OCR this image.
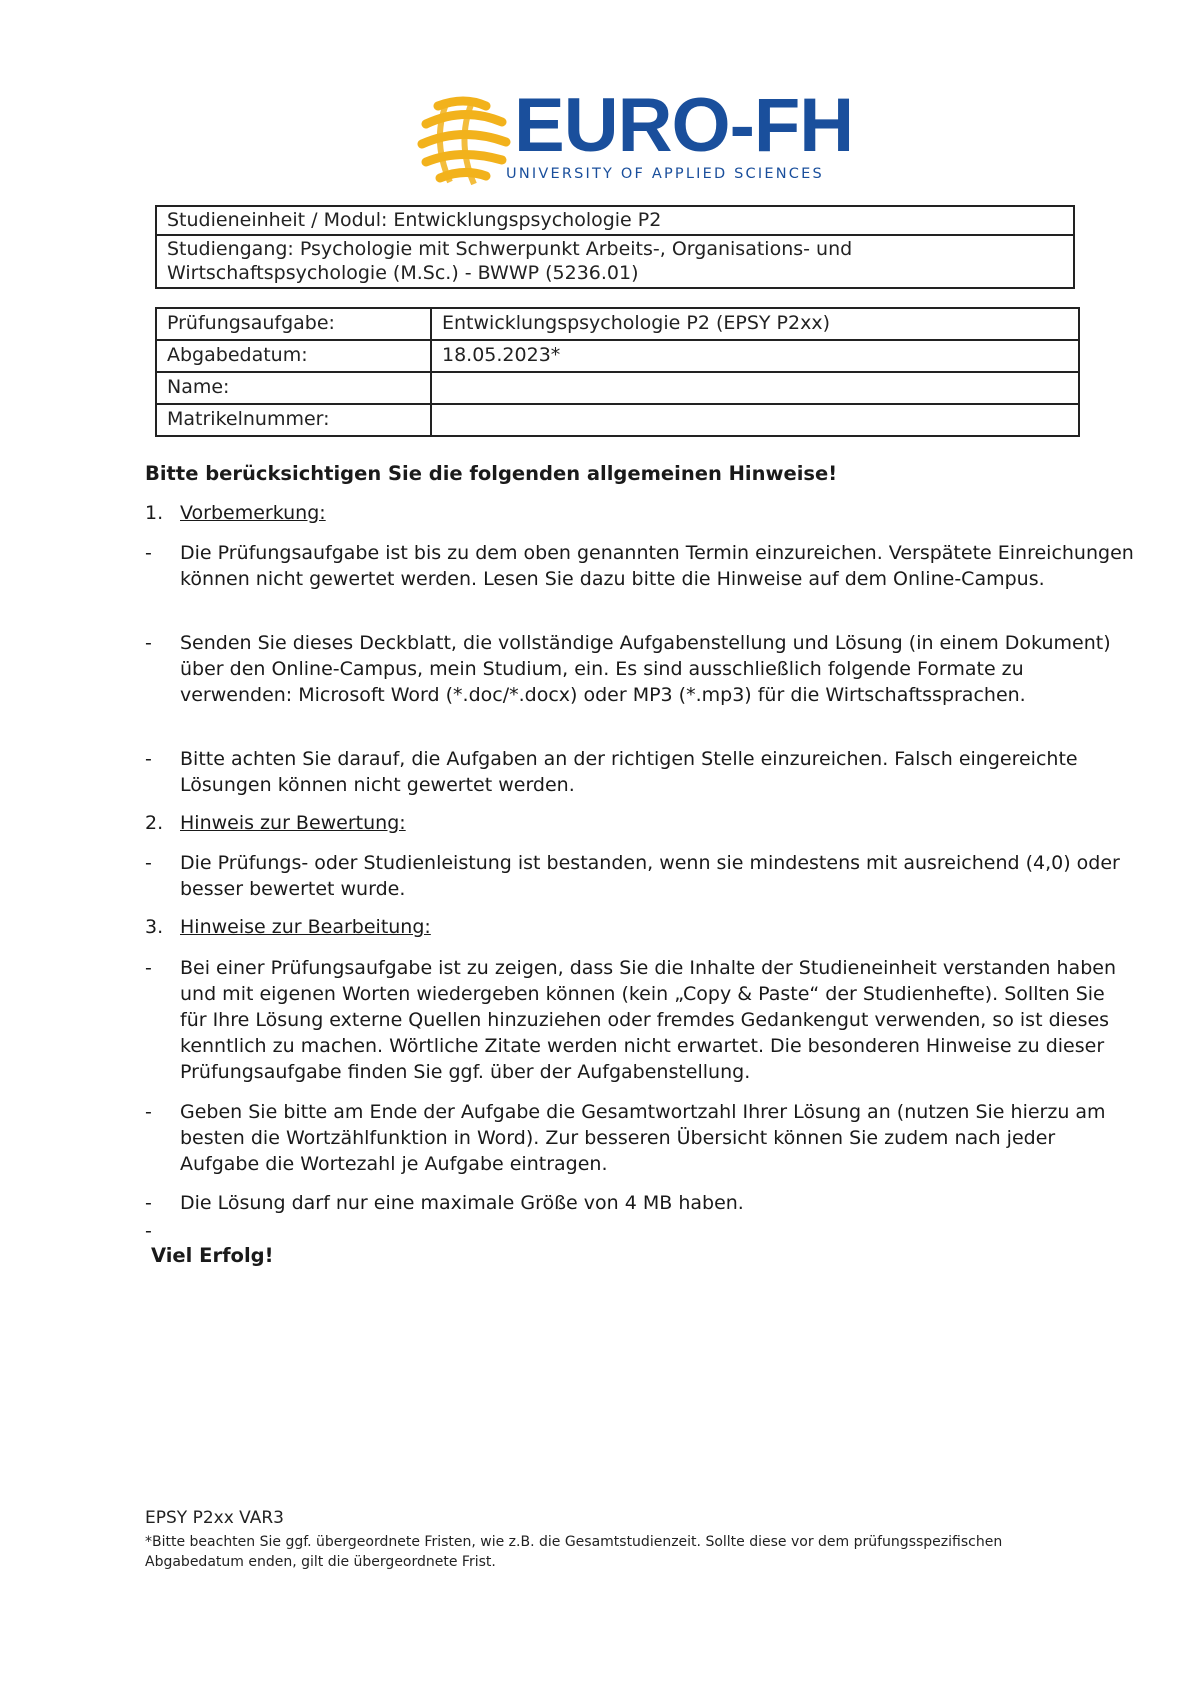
EURO-FH
UNIVERSITY OF APPLIED SCIENCES
Studieneinheit / Modul: Entwicklungspsychologie P2
Studiengang: Psychologie mit Schwerpunkt Arbeits-, Organisations- und Wirtschaftspsychologie (M.Sc.) - BWWP (5236.01)
Prüfungsaufgabe:	Entwicklungspsychologie P2 (EPSY P2xx)
Abgabedatum:	18.05.2023*
Name:	
Matrikelnummer:	
Bitte berücksichtigen Sie die folgenden allgemeinen Hinweise!
1. Vorbemerkung:
- Die Prüfungsaufgabe ist bis zu dem oben genannten Termin einzureichen. Verspätete Einreichungen können nicht gewertet werden. Lesen Sie dazu bitte die Hinweise auf dem Online-Campus.
- Senden Sie dieses Deckblatt, die vollständige Aufgabenstellung und Lösung (in einem Dokument) über den Online-Campus, mein Studium, ein. Es sind ausschließlich folgende Formate zu verwenden: Microsoft Word (*.doc/*.docx) oder MP3 (*.mp3) für die Wirtschaftssprachen.
- Bitte achten Sie darauf, die Aufgaben an der richtigen Stelle einzureichen. Falsch eingereichte Lösungen können nicht gewertet werden.
2. Hinweis zur Bewertung:
- Die Prüfungs- oder Studienleistung ist bestanden, wenn sie mindestens mit ausreichend (4,0) oder besser bewertet wurde.
3. Hinweise zur Bearbeitung:
- Bei einer Prüfungsaufgabe ist zu zeigen, dass Sie die Inhalte der Studieneinheit verstanden haben und mit eigenen Worten wiedergeben können (kein „Copy & Paste“ der Studienhefte). Sollten Sie für Ihre Lösung externe Quellen hinzuziehen oder fremdes Gedankengut verwenden, so ist dieses kenntlich zu machen. Wörtliche Zitate werden nicht erwartet. Die besonderen Hinweise zu dieser Prüfungsaufgabe finden Sie ggf. über der Aufgabenstellung.
- Geben Sie bitte am Ende der Aufgabe die Gesamtwortzahl Ihrer Lösung an (nutzen Sie hierzu am besten die Wortzählfunktion in Word). Zur besseren Übersicht können Sie zudem nach jeder Aufgabe die Wortezahl je Aufgabe eintragen.
- Die Lösung darf nur eine maximale Größe von 4 MB haben.
-
Viel Erfolg!
EPSY P2xx VAR3
*Bitte beachten Sie ggf. übergeordnete Fristen, wie z.B. die Gesamtstudienzeit. Sollte diese vor dem prüfungsspezifischen Abgabedatum enden, gilt die übergeordnete Frist.
